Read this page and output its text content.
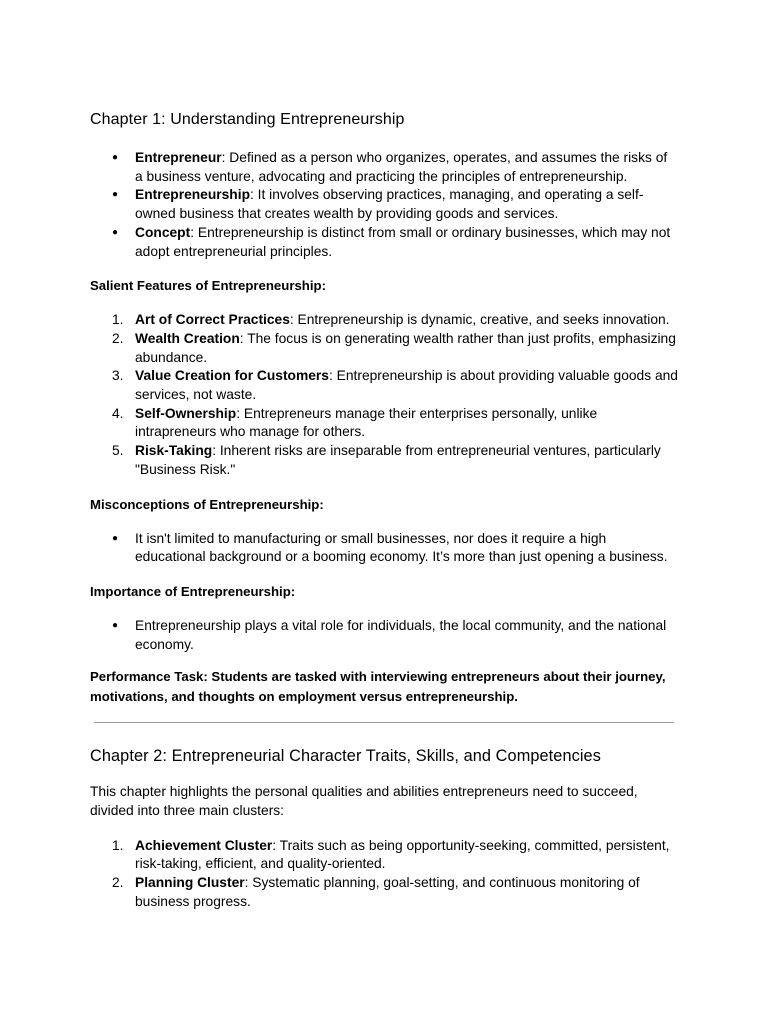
Chapter 1: Understanding Entrepreneurship
● Entrepreneur: Defined as a person who organizes, operates, and assumes the risks of a business venture, advocating and practicing the principles of entrepreneurship.
● Entrepreneurship: It involves observing practices, managing, and operating a self-owned business that creates wealth by providing goods and services.
● Concept: Entrepreneurship is distinct from small or ordinary businesses, which may not adopt entrepreneurial principles.

Salient Features of Entrepreneurship:

1. Art of Correct Practices: Entrepreneurship is dynamic, creative, and seeks innovation.
2. Wealth Creation: The focus is on generating wealth rather than just profits, emphasizing abundance.
3. Value Creation for Customers: Entrepreneurship is about providing valuable goods and services, not waste.
4. Self-Ownership: Entrepreneurs manage their enterprises personally, unlike intrapreneurs who manage for others.
5. Risk-Taking: Inherent risks are inseparable from entrepreneurial ventures, particularly "Business Risk."

Misconceptions of Entrepreneurship:

● It isn't limited to manufacturing or small businesses, nor does it require a high educational background or a booming economy. It’s more than just opening a business.

Importance of Entrepreneurship:

● Entrepreneurship plays a vital role for individuals, the local community, and the national economy.

Performance Task: Students are tasked with interviewing entrepreneurs about their journey, motivations, and thoughts on employment versus entrepreneurship.

Chapter 2: Entrepreneurial Character Traits, Skills, and Competencies

This chapter highlights the personal qualities and abilities entrepreneurs need to succeed, divided into three main clusters:

1. Achievement Cluster: Traits such as being opportunity-seeking, committed, persistent, risk-taking, efficient, and quality-oriented.
2. Planning Cluster: Systematic planning, goal-setting, and continuous monitoring of business progress.
